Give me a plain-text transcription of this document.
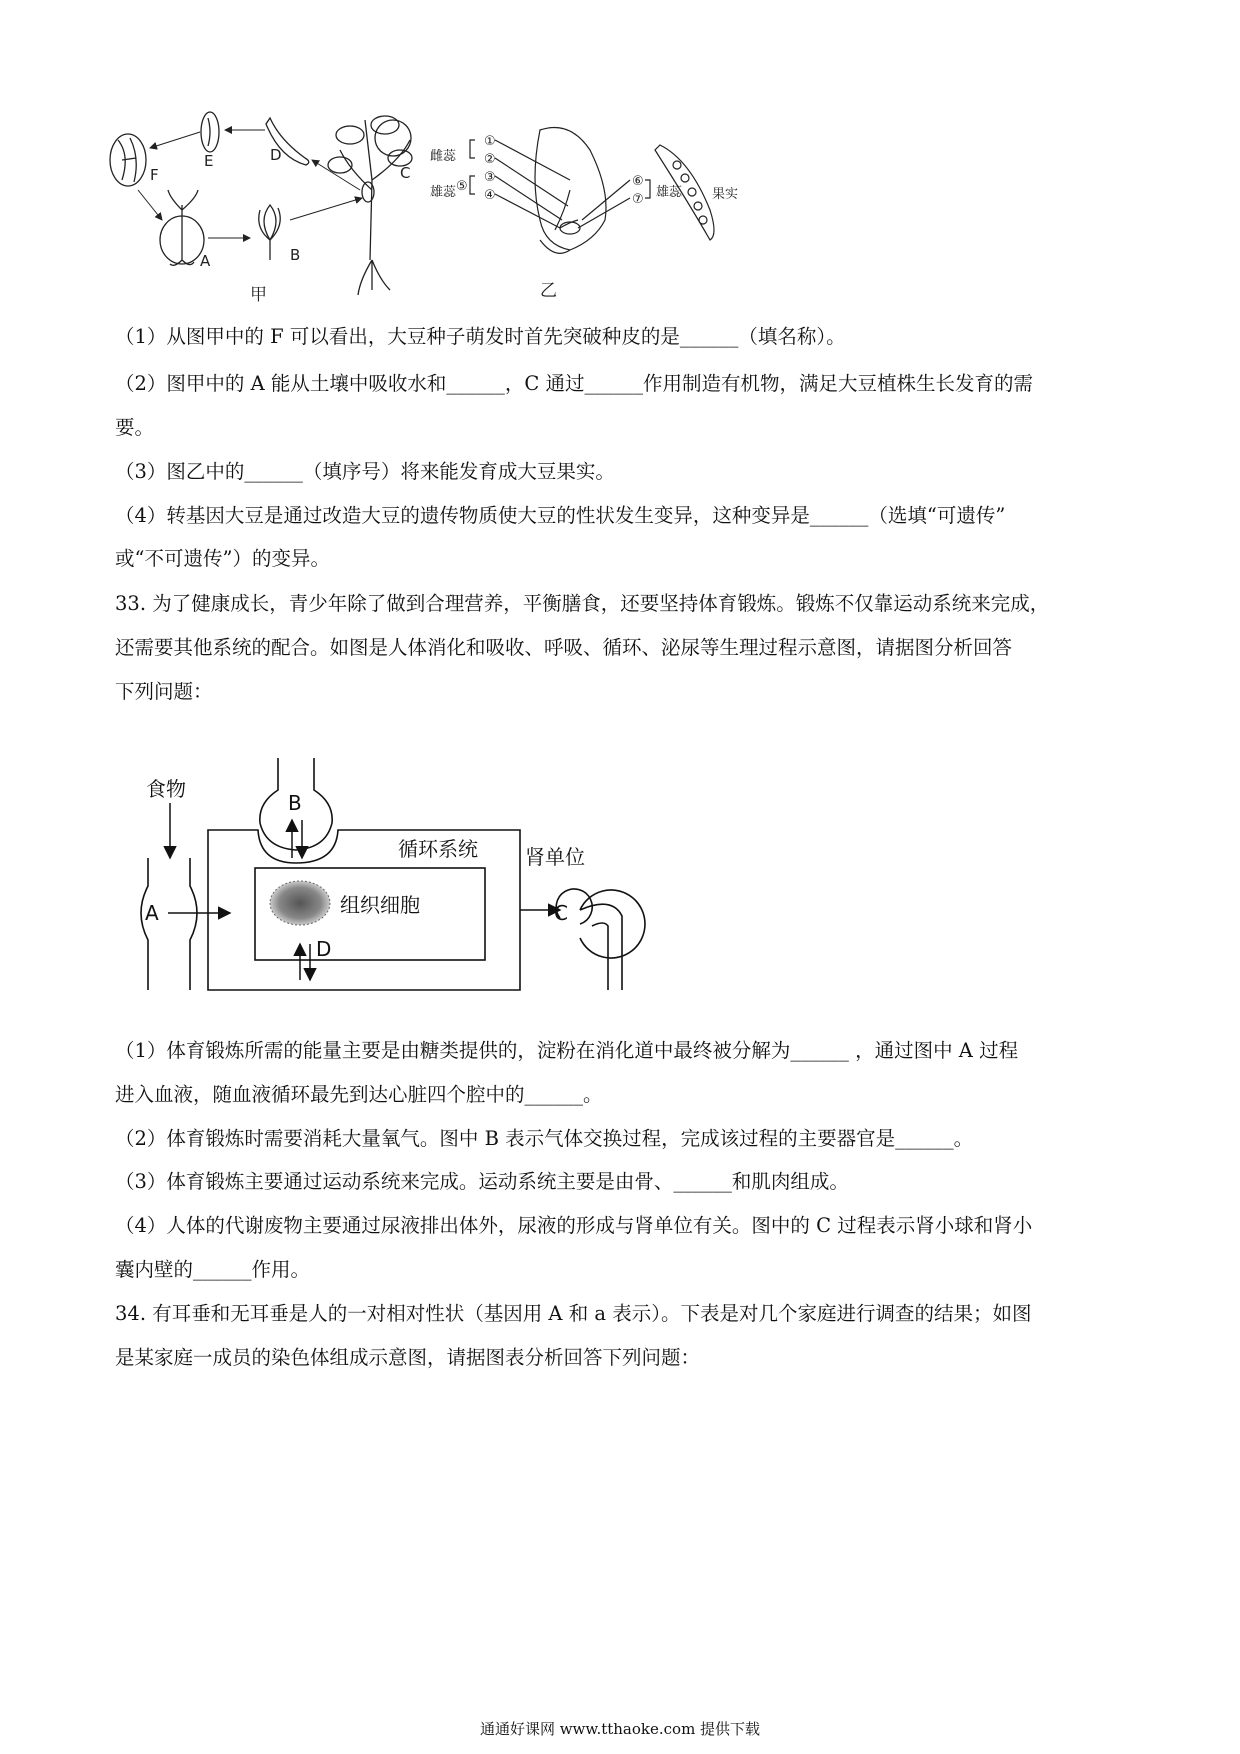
F
E	D
C
B
A
甲
①
②
③
④
⑤	⑥
⑦
雌蕊
雄蕊	雄蕊 果实
乙
（1）从图甲中的 F 可以看出，大豆种子萌发时首先突破种皮的是______（填名称）。
（2）图甲中的 A 能从土壤中吸收水和______，C 通过______作用制造有机物，满足大豆植株生长发育的需
要。
（3）图乙中的______（填序号）将来能发育成大豆果实。
（4）转基因大豆是通过改造大豆的遗传物质使大豆的性状发生变异，这种变异是______（选填“可遗传”
或“不可遗传”）的变异。
33. 为了健康成长，青少年除了做到合理营养，平衡膳食，还要坚持体育锻炼。锻炼不仅靠运动系统来完成，
还需要其他系统的配合。如图是人体消化和吸收、呼吸、循环、泌尿等生理过程示意图，请据图分析回答
下列问题：
食物
A
B
循环系统 肾单位
组织细胞	C
D
（1）体育锻炼所需的能量主要是由糖类提供的，淀粉在消化道中最终被分解为______ ，通过图中 A 过程
进入血液，随血液循环最先到达心脏四个腔中的______。
（2）体育锻炼时需要消耗大量氧气。图中 B 表示气体交换过程，完成该过程的主要器官是______。
（3）体育锻炼主要通过运动系统来完成。运动系统主要是由骨、______和肌肉组成。
（4）人体的代谢废物主要通过尿液排出体外，尿液的形成与肾单位有关。图中的 C 过程表示肾小球和肾小
囊内壁的______作用。
34. 有耳垂和无耳垂是人的一对相对性状（基因用 A 和 a 表示）。下表是对几个家庭进行调查的结果；如图
是某家庭一成员的染色体组成示意图，请据图表分析回答下列问题：
通通好课网 www.tthaoke.com 提供下载
